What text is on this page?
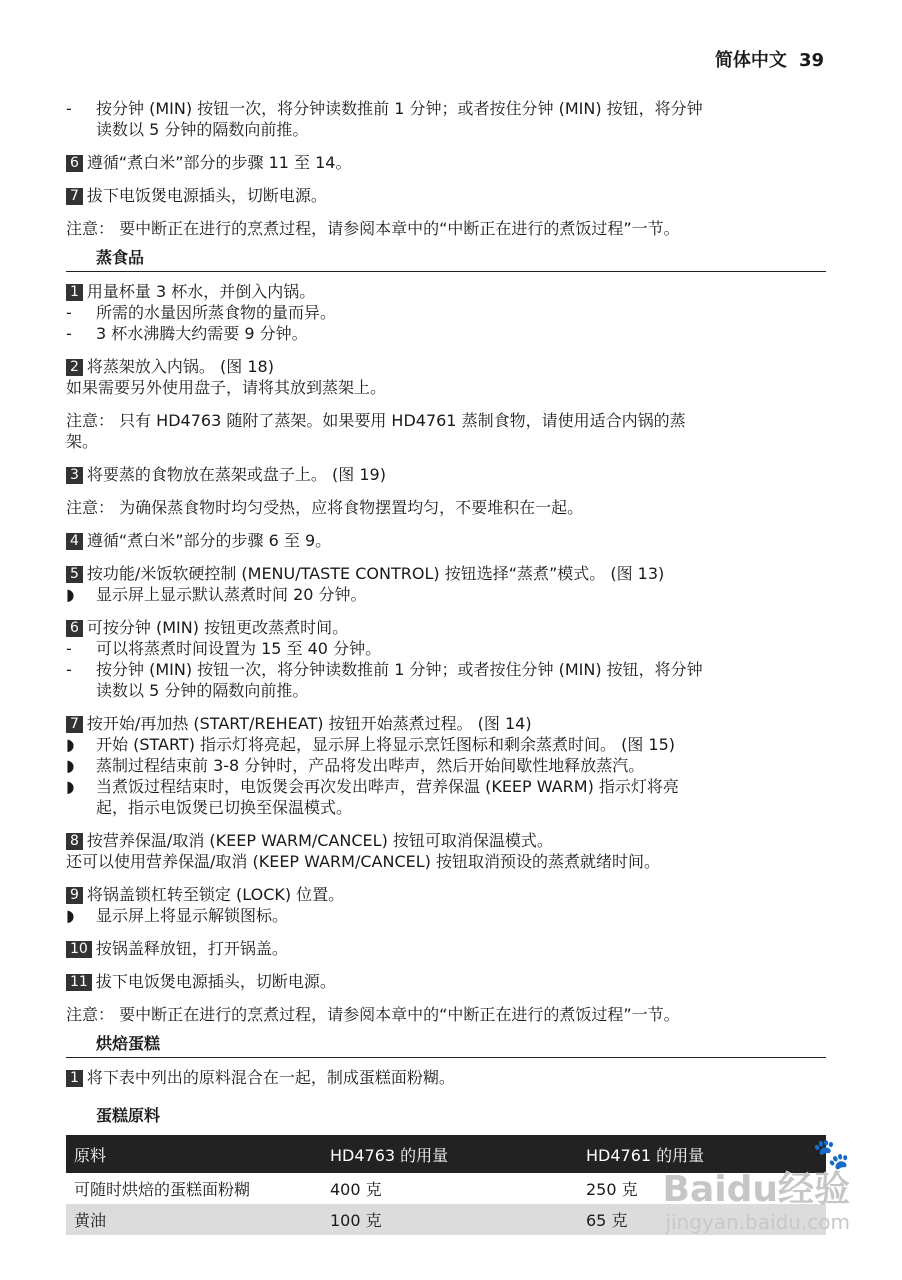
简体中文 39
-	按分钟 (MIN) 按钮一次，将分钟读数推前 1 分钟；或者按住分钟 (MIN) 按钮，将分钟
读数以 5 分钟的隔数向前推。
6 遵循“煮白米”部分的步骤 11 至 14。
7 拔下电饭煲电源插头，切断电源。
注意： 要中断正在进行的烹煮过程，请参阅本章中的“中断正在进行的煮饭过程”一节。
蒸食品
1 用量杯量 3 杯水，并倒入内锅。
-	所需的水量因所蒸食物的量而异。
-	3 杯水沸腾大约需要 9 分钟。
2 将蒸架放入内锅。 (图 18)
如果需要另外使用盘子，请将其放到蒸架上。
注意： 只有 HD4763 随附了蒸架。如果要用 HD4761 蒸制食物，请使用适合内锅的蒸
架。
3 将要蒸的食物放在蒸架或盘子上。 (图 19)
注意： 为确保蒸食物时均匀受热，应将食物摆置均匀，不要堆积在一起。
4 遵循“煮白米”部分的步骤 6 至 9。
5 按功能/米饭软硬控制 (MENU/TASTE CONTROL) 按钮选择“蒸煮”模式。 (图 13)
◗	显示屏上显示默认蒸煮时间 20 分钟。
6 可按分钟 (MIN) 按钮更改蒸煮时间。
-	可以将蒸煮时间设置为 15 至 40 分钟。
-	按分钟 (MIN) 按钮一次，将分钟读数推前 1 分钟；或者按住分钟 (MIN) 按钮，将分钟
读数以 5 分钟的隔数向前推。
7 按开始/再加热 (START/REHEAT) 按钮开始蒸煮过程。 (图 14)
◗	开始 (START) 指示灯将亮起，显示屏上将显示烹饪图标和剩余蒸煮时间。 (图 15)
◗	蒸制过程结束前 3-8 分钟时，产品将发出哔声，然后开始间歇性地释放蒸汽。
◗	当煮饭过程结束时，电饭煲会再次发出哔声，营养保温 (KEEP WARM) 指示灯将亮
起，指示电饭煲已切换至保温模式。
8 按营养保温/取消 (KEEP WARM/CANCEL) 按钮可取消保温模式。
还可以使用营养保温/取消 (KEEP WARM/CANCEL) 按钮取消预设的蒸煮就绪时间。
9 将锅盖锁杠转至锁定 (LOCK) 位置。
◗	显示屏上将显示解锁图标。
10 按锅盖释放钮，打开锅盖。
11 拔下电饭煲电源插头，切断电源。
注意： 要中断正在进行的烹煮过程，请参阅本章中的“中断正在进行的煮饭过程”一节。
烘焙蛋糕
1 将下表中列出的原料混合在一起，制成蛋糕面粉糊。
蛋糕原料
原料	HD4763 的用量	HD4761 的用量
可随时烘焙的蛋糕面粉糊	400 克	250 克
黄油	100 克	65 克
🐾
Baidu经验
jingyan.baidu.com
